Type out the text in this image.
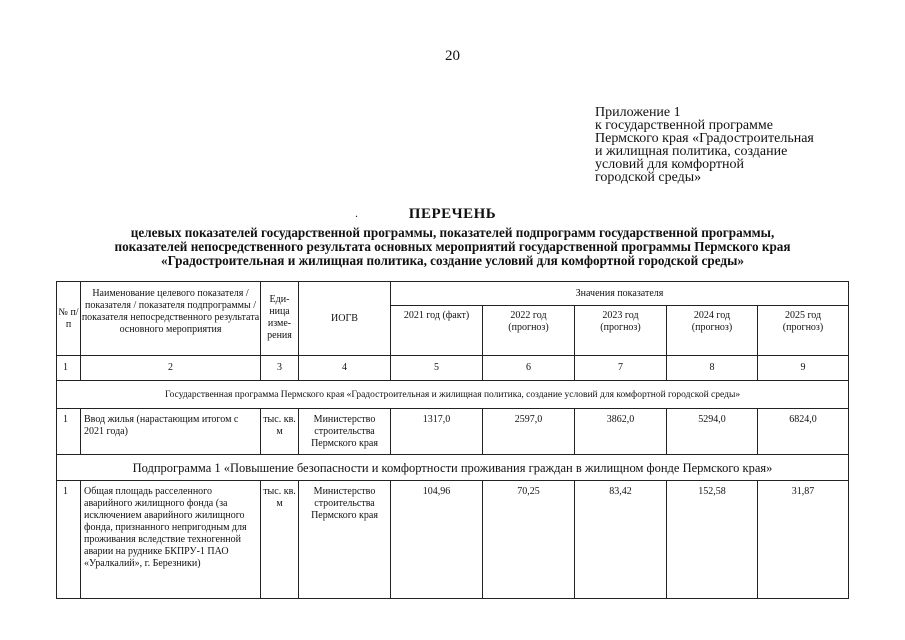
20
Приложение 1
к государственной программе
Пермского края «Градостроительная
и жилищная политика, создание
условий для комфортной
городской среды»
.	ПЕРЕЧЕНЬ
целевых показателей государственной программы, показателей подпрограмм государственной программы,
показателей непосредственного результата основных мероприятий государственной программы Пермского края
«Градостроительная и жилищная политика, создание условий для комфортной городской среды»
№ п/п	Наименование целевого показателя / показателя / показателя подпрограммы / показателя непосредственного результата основного мероприятия	Еди-ница изме-рения	ИОГВ	Значения показателя				
				2021 год (факт)	2022 год (прогноз)	2023 год (прогноз)	2024 год (прогноз)	2025 год (прогноз)
1	2	3	4	5	6	7	8	9
Государственная программа Пермского края «Градостроительная и жилищная политика, создание условий для комфортной городской среды»								
1	Ввод жилья (нарастающим итогом с 2021 года)	тыс. кв. м	Министерство строительства Пермского края	1317,0	2597,0	3862,0	5294,0	6824,0
Подпрограмма 1 «Повышение безопасности и комфортности проживания граждан в жилищном фонде Пермского края»								
1	Общая площадь расселенного аварийного жилищного фонда (за исключением аварийного жилищного фонда, признанного непригодным для проживания вследствие техногенной аварии на руднике БКПРУ-1 ПАО «Уралкалий», г. Березники)	тыс. кв. м	Министерство строительства Пермского края	104,96	70,25	83,42	152,58	31,87
